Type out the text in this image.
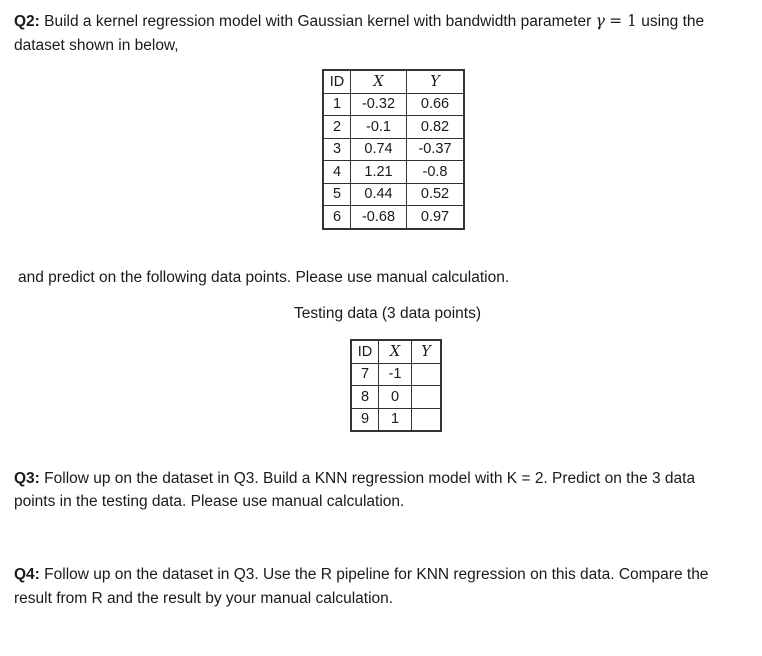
Q2: Build a kernel regression model with Gaussian kernel with bandwidth parameter γ = 1 using the
dataset shown in below,
ID	X	Y
1	-0.32	0.66
2	-0.1	0.82
3	0.74	-0.37
4	1.21	-0.8
5	0.44	0.52
6	-0.68	0.97
and predict on the following data points. Please use manual calculation.
Testing data (3 data points)
ID	X	Y
7	-1	
8	0	
9	1	
Q3: Follow up on the dataset in Q3. Build a KNN regression model with K = 2. Predict on the 3 data
points in the testing data. Please use manual calculation.
Q4: Follow up on the dataset in Q3. Use the R pipeline for KNN regression on this data. Compare the
result from R and the result by your manual calculation.
